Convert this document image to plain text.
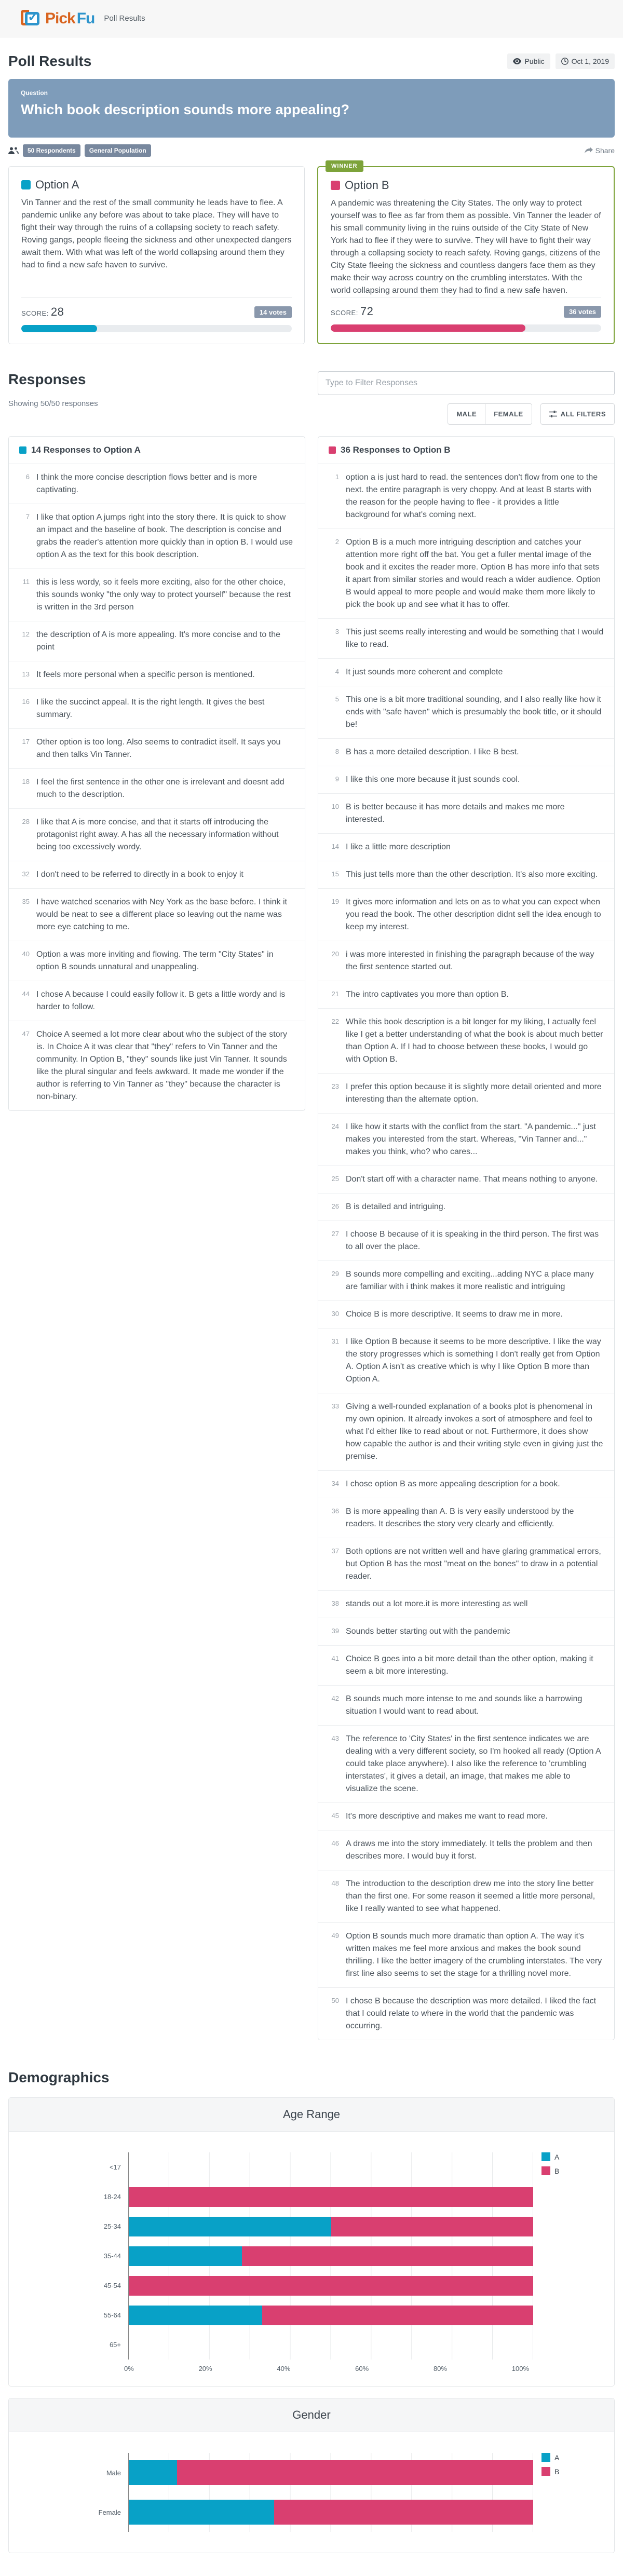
✓ Pick Fu Poll Results
Poll Results	Public	Oct 1, 2019
Question
Which book description sounds more appealing?
50 Respondents	General Population	Share
Option A
Vin Tanner and the rest of the small community he leads have to flee. A pandemic unlike any before was about to take place. They will have to fight their way through the ruins of a collapsing society to reach safety. Roving gangs, people fleeing the sickness and other unexpected dangers await them. With what was left of the world collapsing around them they had to find a new safe haven to survive.
SCORE: 28	14 votes
WINNER
Option B
A pandemic was threatening the City States. The only way to protect yourself was to flee as far from them as possible. Vin Tanner the leader of his small community living in the ruins outside of the City State of New York had to flee if they were to survive. They will have to fight their way through a collapsing society to reach safety. Roving gangs, citizens of the City State fleeing the sickness and countless dangers face them as they make their way across country on the crumbling interstates. With the world collapsing around them they had to find a new safe haven.
SCORE: 72	36 votes
Responses
Showing 50/50 responses
Type to Filter Responses
MALE	FEMALE	ALL FILTERS
14 Responses to Option A
6 I think the more concise description flows better and is more captivating.
7 I like that option A jumps right into the story there. It is quick to show an impact and the baseline of book. The description is concise and grabs the reader's attention more quickly than in option B. I would use option A as the text for this book description.
11 this is less wordy, so it feels more exciting, also for the other choice, this sounds wonky "the only way to protect yourself" because the rest is written in the 3rd person
12 the description of A is more appealing. It's more concise and to the point
13 It feels more personal when a specific person is mentioned.
16 I like the succinct appeal. It is the right length. It gives the best summary.
17 Other option is too long. Also seems to contradict itself. It says you and then talks Vin Tanner.
18 I feel the first sentence in the other one is irrelevant and doesnt add much to the description.
28 I like that A is more concise, and that it starts off introducing the protagonist right away. A has all the necessary information without being too excessively wordy.
32 I don't need to be referred to directly in a book to enjoy it
35 I have watched scenarios with Ney York as the base before. I think it would be neat to see a different place so leaving out the name was more eye catching to me.
40 Option a was more inviting and flowing. The term "City States" in option B sounds unnatural and unappealing.
44 I chose A because I could easily follow it. B gets a little wordy and is harder to follow.
47 Choice A seemed a lot more clear about who the subject of the story is. In Choice A it was clear that "they" refers to Vin Tanner and the community. In Option B, "they" sounds like just Vin Tanner. It sounds like the plural singular and feels awkward. It made me wonder if the author is referring to Vin Tanner as "they" because the character is non-binary.
36 Responses to Option B
1 option a is just hard to read. the sentences don't flow from one to the next. the entire paragraph is very choppy. And at least B starts with the reason for the people having to flee - it provides a little background for what's coming next.
2 Option B is a much more intriguing description and catches your attention more right off the bat. You get a fuller mental image of the book and it excites the reader more. Option B has more info that sets it apart from similar stories and would reach a wider audience. Option B would appeal to more people and would make them more likely to pick the book up and see what it has to offer.
3 This just seems really interesting and would be something that I would like to read.
4 It just sounds more coherent and complete
5 This one is a bit more traditional sounding, and I also really like how it ends with "safe haven" which is presumably the book title, or it should be!
8 B has a more detailed description. I like B best.
9 I like this one more because it just sounds cool.
10 B is better because it has more details and makes me more interested.
14 I like a little more description
15 This just tells more than the other description. It's also more exciting.
19 It gives more information and lets on as to what you can expect when you read the book. The other description didnt sell the idea enough to keep my interest.
20 i was more interested in finishing the paragraph because of the way the first sentence started out.
21 The intro captivates you more than option B.
22 While this book description is a bit longer for my liking, I actually feel like I get a better understanding of what the book is about much better than Option A. If I had to choose between these books, I would go with Option B.
23 I prefer this option because it is slightly more detail oriented and more interesting than the alternate option.
24 I like how it starts with the conflict from the start. "A pandemic..." just makes you interested from the start. Whereas, "Vin Tanner and..." makes you think, who? who cares...
25 Don't start off with a character name. That means nothing to anyone.
26 B is detailed and intriguing.
27 I choose B because of it is speaking in the third person. The first was to all over the place.
29 B sounds more compelling and exciting...adding NYC a place many are familiar with i think makes it more realistic and intriguing
30 Choice B is more descriptive. It seems to draw me in more.
31 I like Option B because it seems to be more descriptive. I like the way the story progresses which is something I don't really get from Option A. Option A isn't as creative which is why I like Option B more than Option A.
33 Giving a well-rounded explanation of a books plot is phenomenal in my own opinion. It already invokes a sort of atmosphere and feel to what I'd either like to read about or not. Furthermore, it does show how capable the author is and their writing style even in giving just the premise.
34 I chose option B as more appealing description for a book.
36 B is more appealing than A. B is very easily understood by the readers. It describes the story very clearly and efficiently.
37 Both options are not written well and have glaring grammatical errors, but Option B has the most "meat on the bones" to draw in a potential reader.
38 stands out a lot more.it is more interesting as well
39 Sounds better starting out with the pandemic
41 Choice B goes into a bit more detail than the other option, making it seem a bit more interesting.
42 B sounds much more intense to me and sounds like a harrowing situation I would want to read about.
43 The reference to 'City States' in the first sentence indicates we are dealing with a very different society, so I'm hooked all ready (Option A could take place anywhere). I also like the reference to 'crumbling interstates', it gives a detail, an image, that makes me able to visualize the scene.
45 It's more descriptive and makes me want to read more.
46 A draws me into the story immediately. It tells the problem and then describes more. I would buy it forst.
48 The introduction to the description drew me into the story line better than the first one. For some reason it seemed a little more personal, like I really wanted to see what happened.
49 Option B sounds much more dramatic than option A. The way it's written makes me feel more anxious and makes the book sound thrilling. I like the better imagery of the crumbling interstates. The very first line also seems to set the stage for a thrilling novel more.
50 I chose B because the description was more detailed. I liked the fact that I could relate to where in the world that the pandemic was occurring.
Demographics
Age Range
<17
18-24
25-34
35-44
45-54
55-64
65+
A
B
0%	20%	40%	60%	80%	100%
Gender
Male
Female
A
B
